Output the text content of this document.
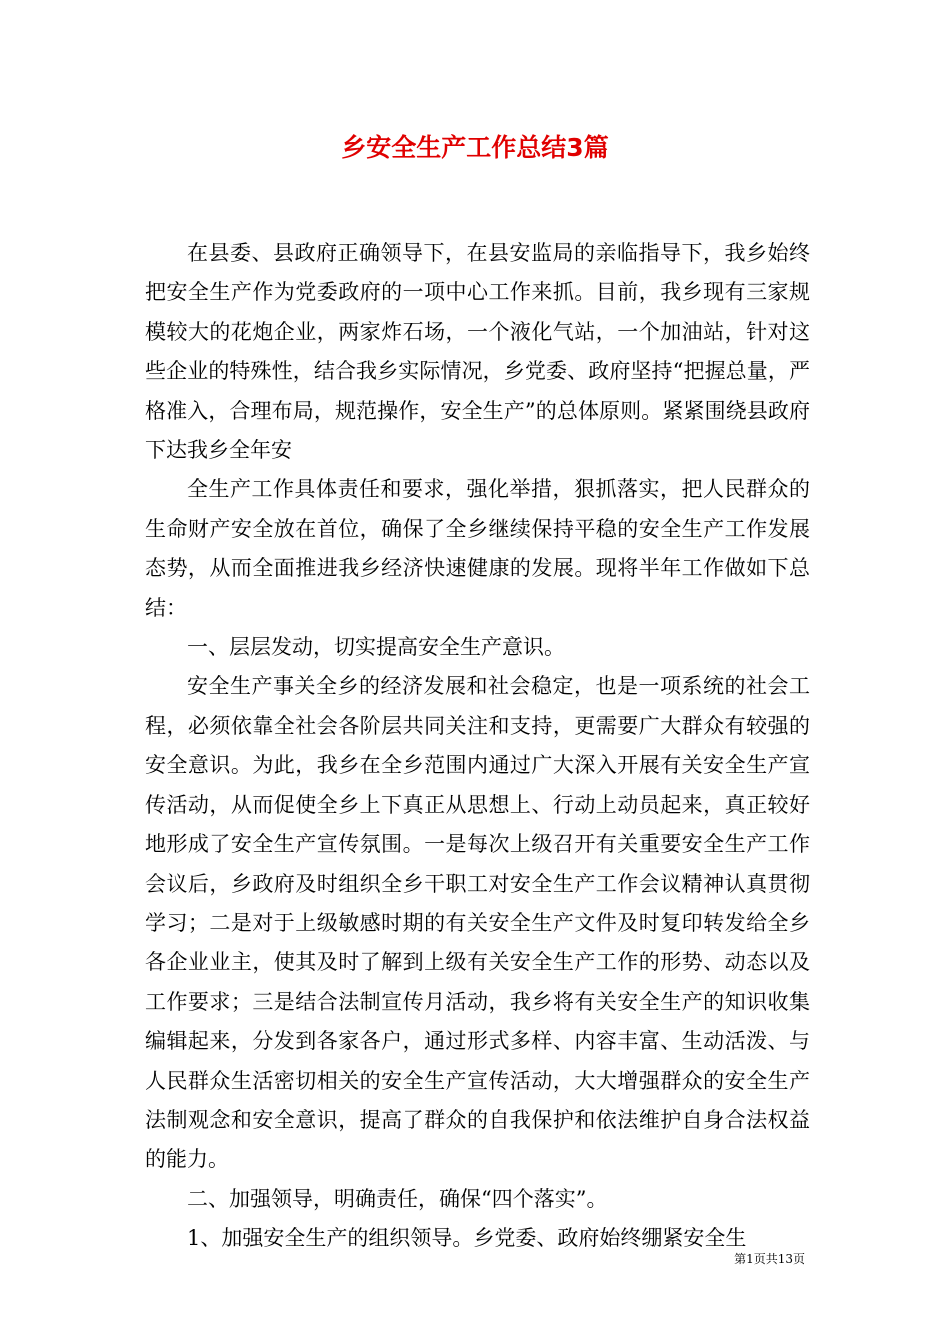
乡安全生产工作总结3篇

在县委、县政府正确领导下，在县安监局的亲临指导下，我乡始终把安全生产作为党委政府的一项中心工作来抓。目前，我乡现有三家规模较大的花炮企业，两家炸石场，一个液化气站，一个加油站，针对这些企业的特殊性，结合我乡实际情况，乡党委、政府坚持“把握总量，严格准入，合理布局，规范操作，安全生产”的总体原则。紧紧围绕县政府下达我乡全年安

全生产工作具体责任和要求，强化举措，狠抓落实，把人民群众的生命财产安全放在首位，确保了全乡继续保持平稳的安全生产工作发展态势，从而全面推进我乡经济快速健康的发展。现将半年工作做如下总结：

一、层层发动，切实提高安全生产意识。

安全生产事关全乡的经济发展和社会稳定，也是一项系统的社会工程，必须依靠全社会各阶层共同关注和支持，更需要广大群众有较强的安全意识。为此，我乡在全乡范围内通过广大深入开展有关安全生产宣传活动，从而促使全乡上下真正从思想上、行动上动员起来，真正较好地形成了安全生产宣传氛围。一是每次上级召开有关重要安全生产工作会议后，乡政府及时组织全乡干职工对安全生产工作会议精神认真贯彻学习；二是对于上级敏感时期的有关安全生产文件及时复印转发给全乡各企业业主，使其及时了解到上级有关安全生产工作的形势、动态以及工作要求；三是结合法制宣传月活动，我乡将有关安全生产的知识收集编辑起来，分发到各家各户，通过形式多样、内容丰富、生动活泼、与人民群众生活密切相关的安全生产宣传活动，大大增强群众的安全生产法制观念和安全意识，提高了群众的自我保护和依法维护自身合法权益的能力。

二、加强领导，明确责任，确保“四个落实”。

1、加强安全生产的组织领导。乡党委、政府始终绷紧安全生

第1页共13页
